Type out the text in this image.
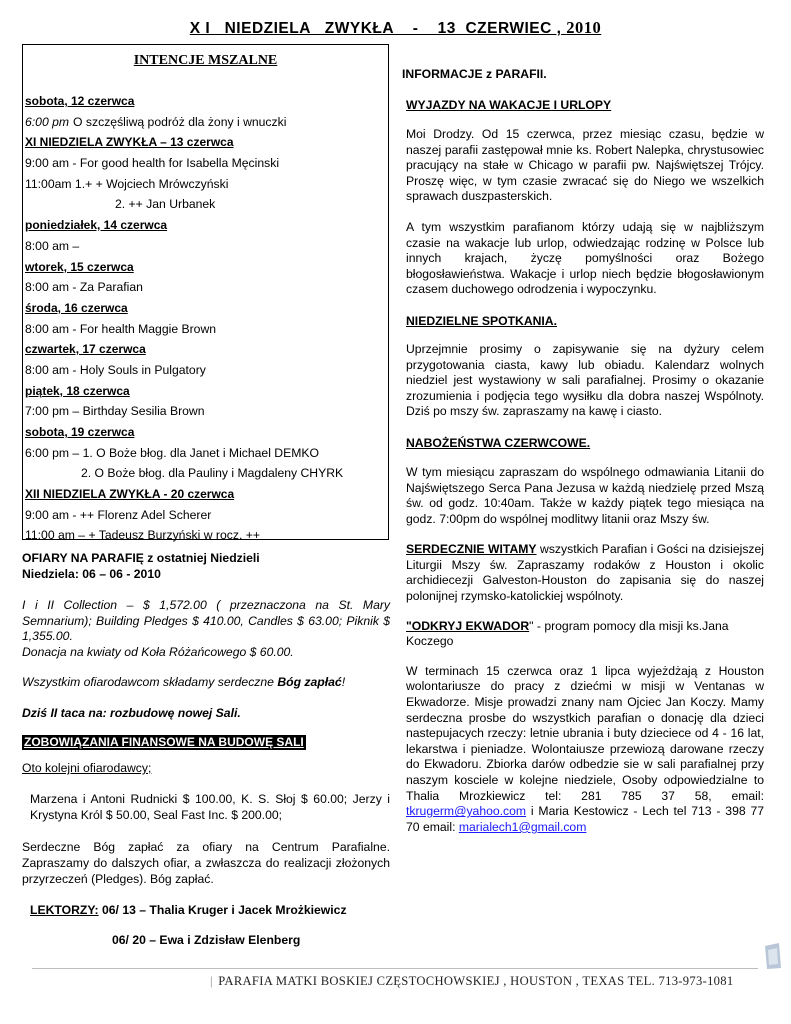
X I   NIEDZIELA   ZWYKŁA    -    13  CZERWIEC , 2010
INTENCJE MSZALNE
sobota, 12 czerwca
6:00 pm O szczęśliwą podróż dla żony i wnuczki
XI NIEDZIELA ZWYKŁA – 13 czerwca
9:00 am - For good health for Isabella Męcinski
11:00am 1.+ + Wojciech Mrówczyński
2. ++ Jan Urbanek
poniedziałek, 14 czerwca
8:00 am –
wtorek, 15 czerwca
8:00 am - Za Parafian
środa, 16 czerwca
8:00 am - For health Maggie Brown
czwartek, 17 czerwca
8:00 am - Holy Souls in Pulgatory
piątek, 18 czerwca
7:00 pm – Birthday Sesilia Brown
sobota, 19 czerwca
6:00 pm – 1. O Boże błog. dla Janet i Michael DEMKO
2. O Boże błog. dla Pauliny i Magdaleny CHYRK
XII NIEDZIELA ZWYKŁA - 20 czerwca
9:00 am - ++ Florenz Adel Scherer
11:00 am – + Tadeusz Burzyński w rocz. ++
OFIARY NA PARAFIĘ z ostatniej Niedzieli
Niedziela: 06 – 06 - 2010

I i II Collection – $ 1,572.00 ( przeznaczona na St. Mary Semnarium); Building Pledges $ 410.00, Candles $ 63.00; Piknik $ 1,355.00.

Donacja na kwiaty od Koła Różańcowego $ 60.00.

Wszystkim ofiarodawcom składamy serdeczne Bóg zapłać!

Dziś II taca na: rozbudowę nowej Sali.

ZOBOWIĄZANIA FINANSOWE NA BUDOWĘ SALI

Oto kolejni ofiarodawcy;

Marzena i Antoni Rudnicki $ 100.00, K. S. Słoj $ 60.00; Jerzy i Krystyna Król $ 50.00, Seal Fast Inc. $ 200.00;

Serdeczne Bóg zapłać za ofiary na Centrum Parafialne. Zapraszamy do dalszych ofiar, a zwłaszcza do realizacji złożonych przyrzeczeń (Pledges). Bóg zapłać.

LEKTORZY: 06/ 13 – Thalia Kruger i Jacek Mrożkiewicz

06/ 20 – Ewa i Zdzisław Elenberg

INFORMACJE z PARAFII.
WYJAZDY NA WAKACJE I URLOPY

Moi Drodzy. Od 15 czerwca, przez miesiąc czasu, będzie w naszej parafii zastępował mnie ks. Robert Nalepka, chrystusowiec pracujący na stałe w Chicago w parafii pw. Najświętszej Trójcy. Proszę więc, w tym czasie zwracać się do Niego we wszelkich sprawach duszpasterskich.

A tym wszystkim parafianom którzy udają się w najbliższym czasie na wakacje lub urlop, odwiedzając rodzinę w Polsce lub innych krajach, życzę pomyślności oraz Bożego błogosławieństwa. Wakacje i urlop niech będzie błogosławionym czasem duchowego odrodzenia i wypoczynku.

NIEDZIELNE SPOTKANIA.

Uprzejmnie prosimy o zapisywanie się na dyżury celem przygotowania ciasta, kawy lub obiadu. Kalendarz wolnych niedziel jest wystawiony w sali parafialnej. Prosimy o okazanie zrozumienia i podjęcia tego wysiłku dla dobra naszej Wspólnoty. Dziś po mszy św. zapraszamy na kawę i ciasto.

NABOŻEŃSTWA CZERWCOWE.

W tym miesiącu zapraszam do wspólnego odmawiania Litanii do Najświętszego Serca Pana Jezusa w każdą niedzielę przed Mszą św. od godz. 10:40am. Także w każdy piątek tego miesiąca na godz. 7:00pm do wspólnej modlitwy litanii oraz Mszy św.

SERDECZNIE WITAMY wszystkich Parafian i Gości na dzisiejszej Liturgii Mszy św. Zapraszamy rodaków z Houston i okolic archidiecezji Galveston-Houston do zapisania się do naszej polonijnej rzymsko-katolickiej wspólnoty.

"ODKRYJ EKWADOR" - program pomocy dla misji ks.Jana Koczego

W terminach 15 czerwca oraz 1 lipca wyjeżdżają z Houston wolontariusze do pracy z dziećmi w misji w Ventanas w Ekwadorze. Misje prowadzi znany nam Ojciec Jan Koczy. Mamy serdeczna prosbe do wszystkich parafian o donację dla dzieci nastepujacych rzeczy: letnie ubrania i buty dzieciece od 4 - 16 lat, lekarstwa i pieniadze. Wolontaiusze przewiozą darowane rzeczy do Ekwadoru. Zbiorka darów odbedzie sie w sali parafialnej przy naszym kosciele w kolejne niedziele, Osoby odpowiedzialne to Thalia Mrozkiewicz tel: 281 785 37 58, email: tkrugerm@yahoo.com i Maria Kestowicz - Lech tel 713 - 398 77 70 email: marialech1@gmail.com

| PARAFIA MATKI BOSKIEJ CZĘSTOCHOWSKIEJ , HOUSTON , TEXAS TEL. 713-973-1081
